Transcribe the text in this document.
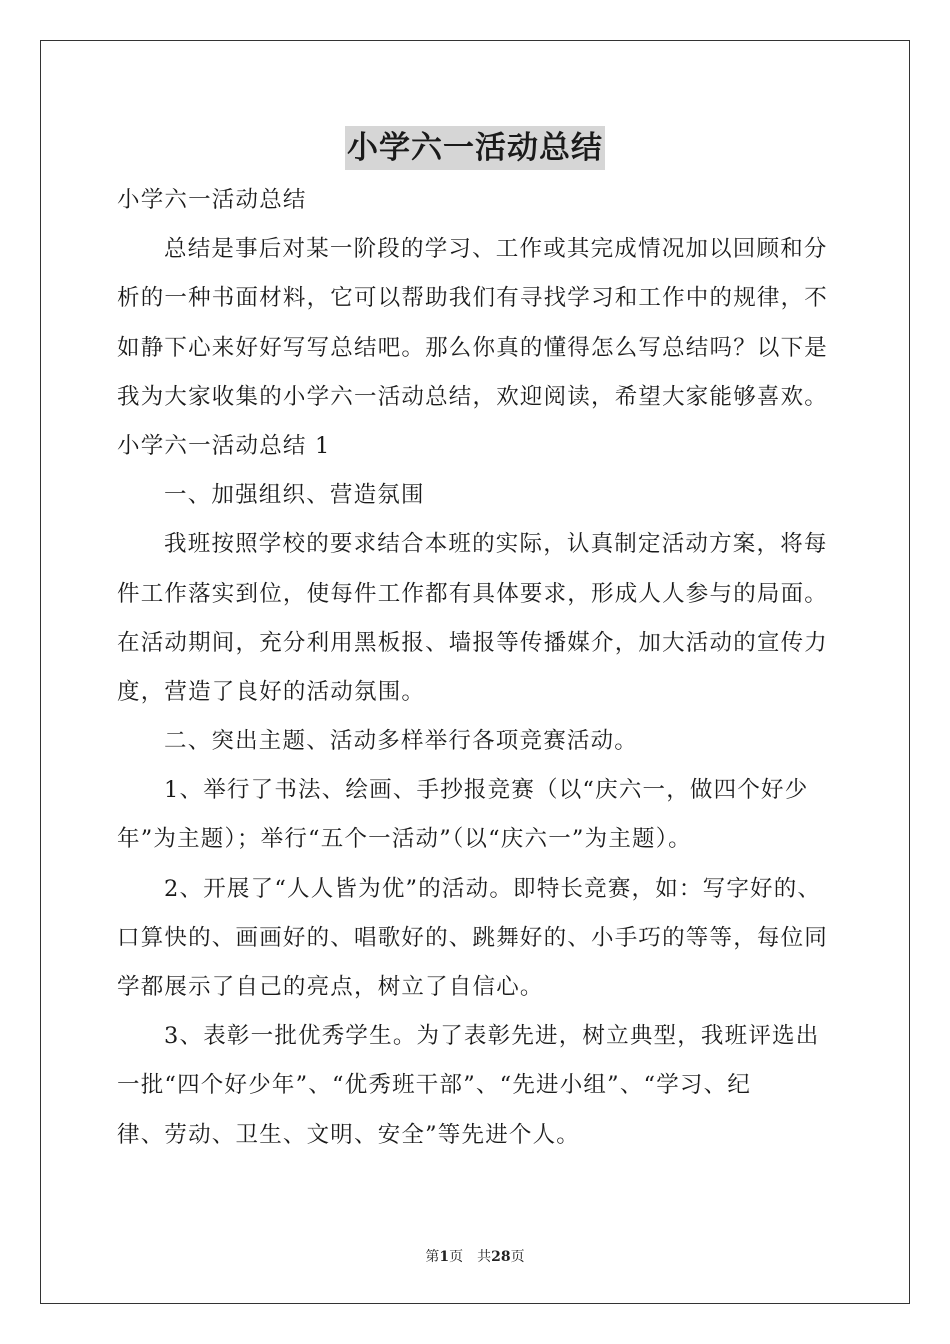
小学六一活动总结
小学六一活动总结
总结是事后对某一阶段的学习、工作或其完成情况加以回顾和分
析的一种书面材料，它可以帮助我们有寻找学习和工作中的规律，不
如静下心来好好写写总结吧。那么你真的懂得怎么写总结吗？以下是
我为大家收集的小学六一活动总结，欢迎阅读，希望大家能够喜欢。
小学六一活动总结 1
一、加强组织、营造氛围
我班按照学校的要求结合本班的实际，认真制定活动方案，将每
件工作落实到位，使每件工作都有具体要求，形成人人参与的局面。
在活动期间，充分利用黑板报、墙报等传播媒介，加大活动的宣传力
度，营造了良好的活动氛围。
二、突出主题、活动多样举行各项竞赛活动。
1、举行了书法、绘画、手抄报竞赛（以“庆六一，做四个好少
年”为主题）；举行“五个一活动”（以“庆六一”为主题）。
2、开展了“人人皆为优”的活动。即特长竞赛，如：写字好的、
口算快的、画画好的、唱歌好的、跳舞好的、小手巧的等等，每位同
学都展示了自己的亮点，树立了自信心。
3、表彰一批优秀学生。为了表彰先进，树立典型，我班评选出
一批“四个好少年”、“优秀班干部”、“先进小组”、“学习、纪
律、劳动、卫生、文明、安全”等先进个人。
第1页　共28页
